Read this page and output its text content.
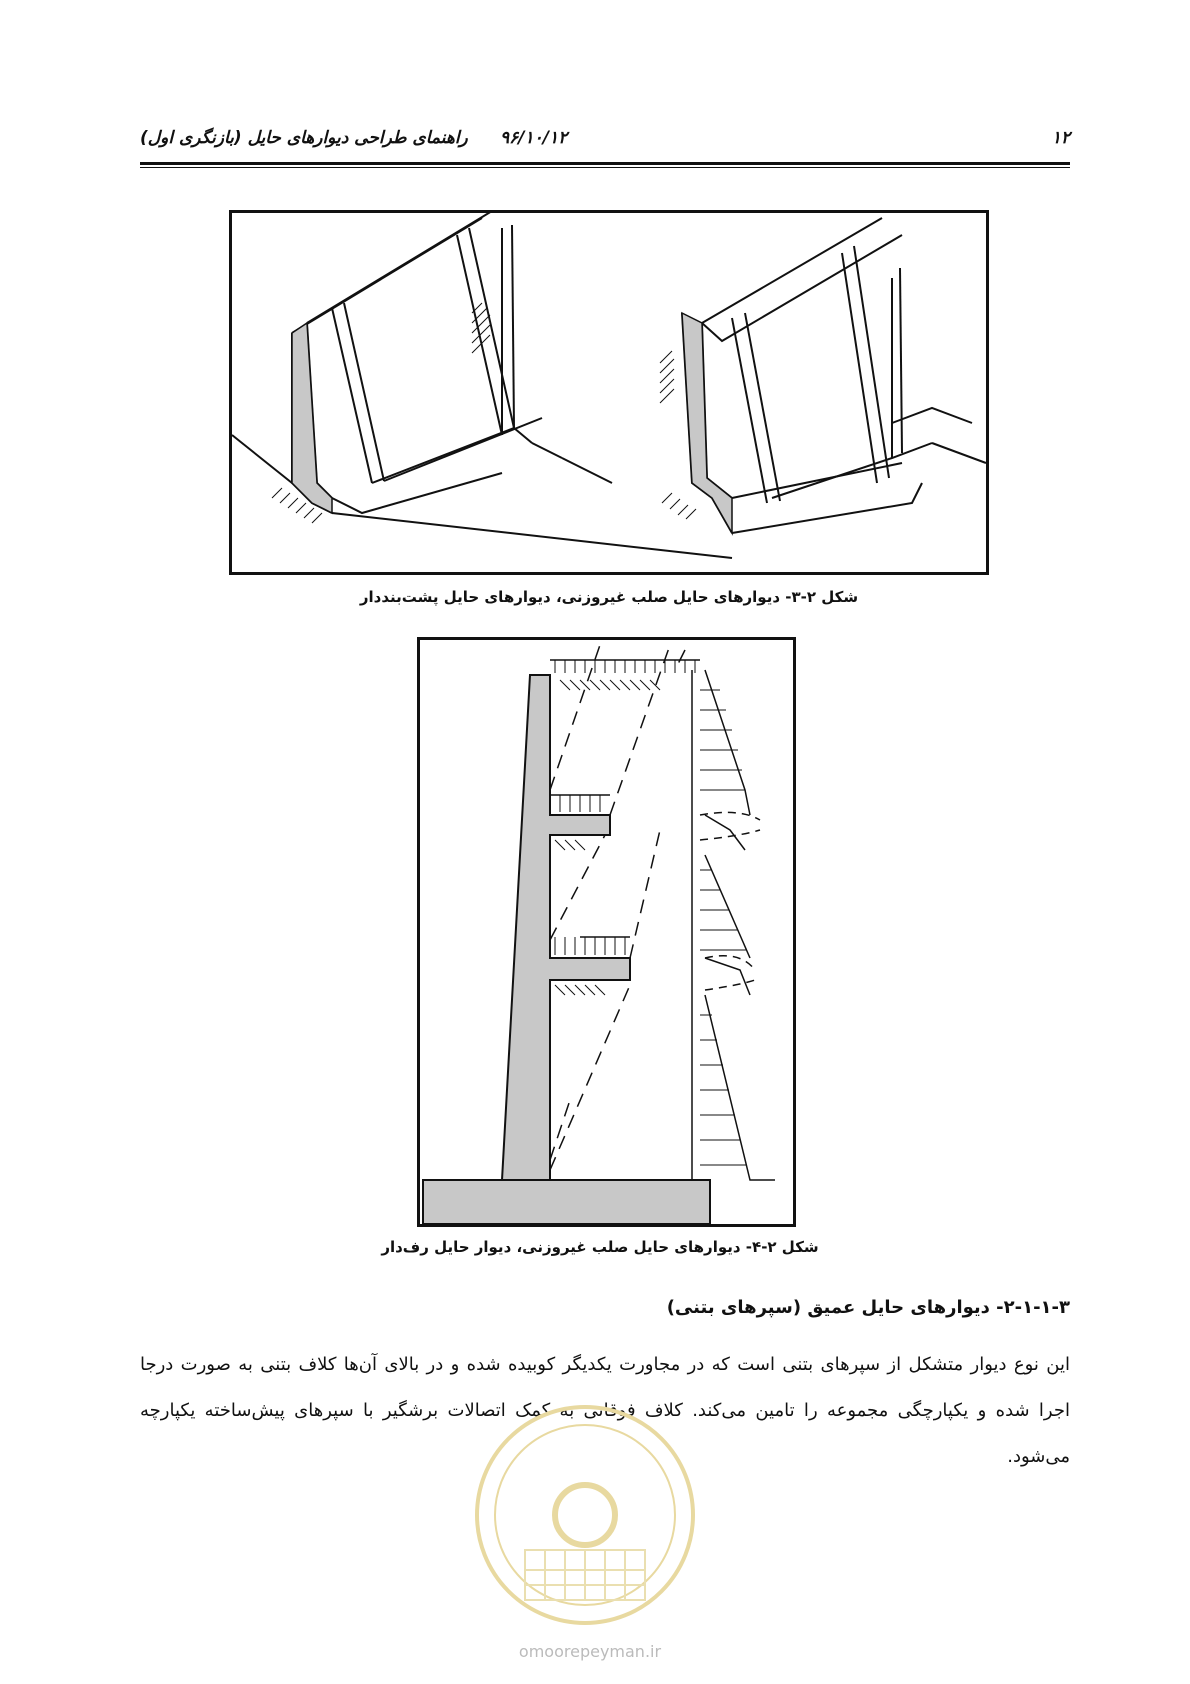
۱۲
۹۶/۱۰/۱۲
راهنمای طراحی دیوارهای حایل (بازنگری اول)
شکل ۲-۳- دیوارهای حایل صلب غیروزنی، دیوارهای حایل پشت‌بنددار
شکل ۲-۴- دیوارهای حایل صلب غیروزنی، دیوار حایل رف‌دار
۲-۱-۱-۳- دیوارهای حایل عمیق (سپرهای بتنی)
این نوع دیوار متشکل از سپرهای بتنی است که در مجاورت یکدیگر کوبیده شده و در بالای آن‌ها کلاف بتنی به صورت درجا اجرا شده و یکپارچگی مجموعه را تامین می‌کند. کلاف فوقانی به کمک اتصالات برشگیر با سپرهای پیش‌ساخته یکپارچه می‌شود.
omoorepeyman.ir
